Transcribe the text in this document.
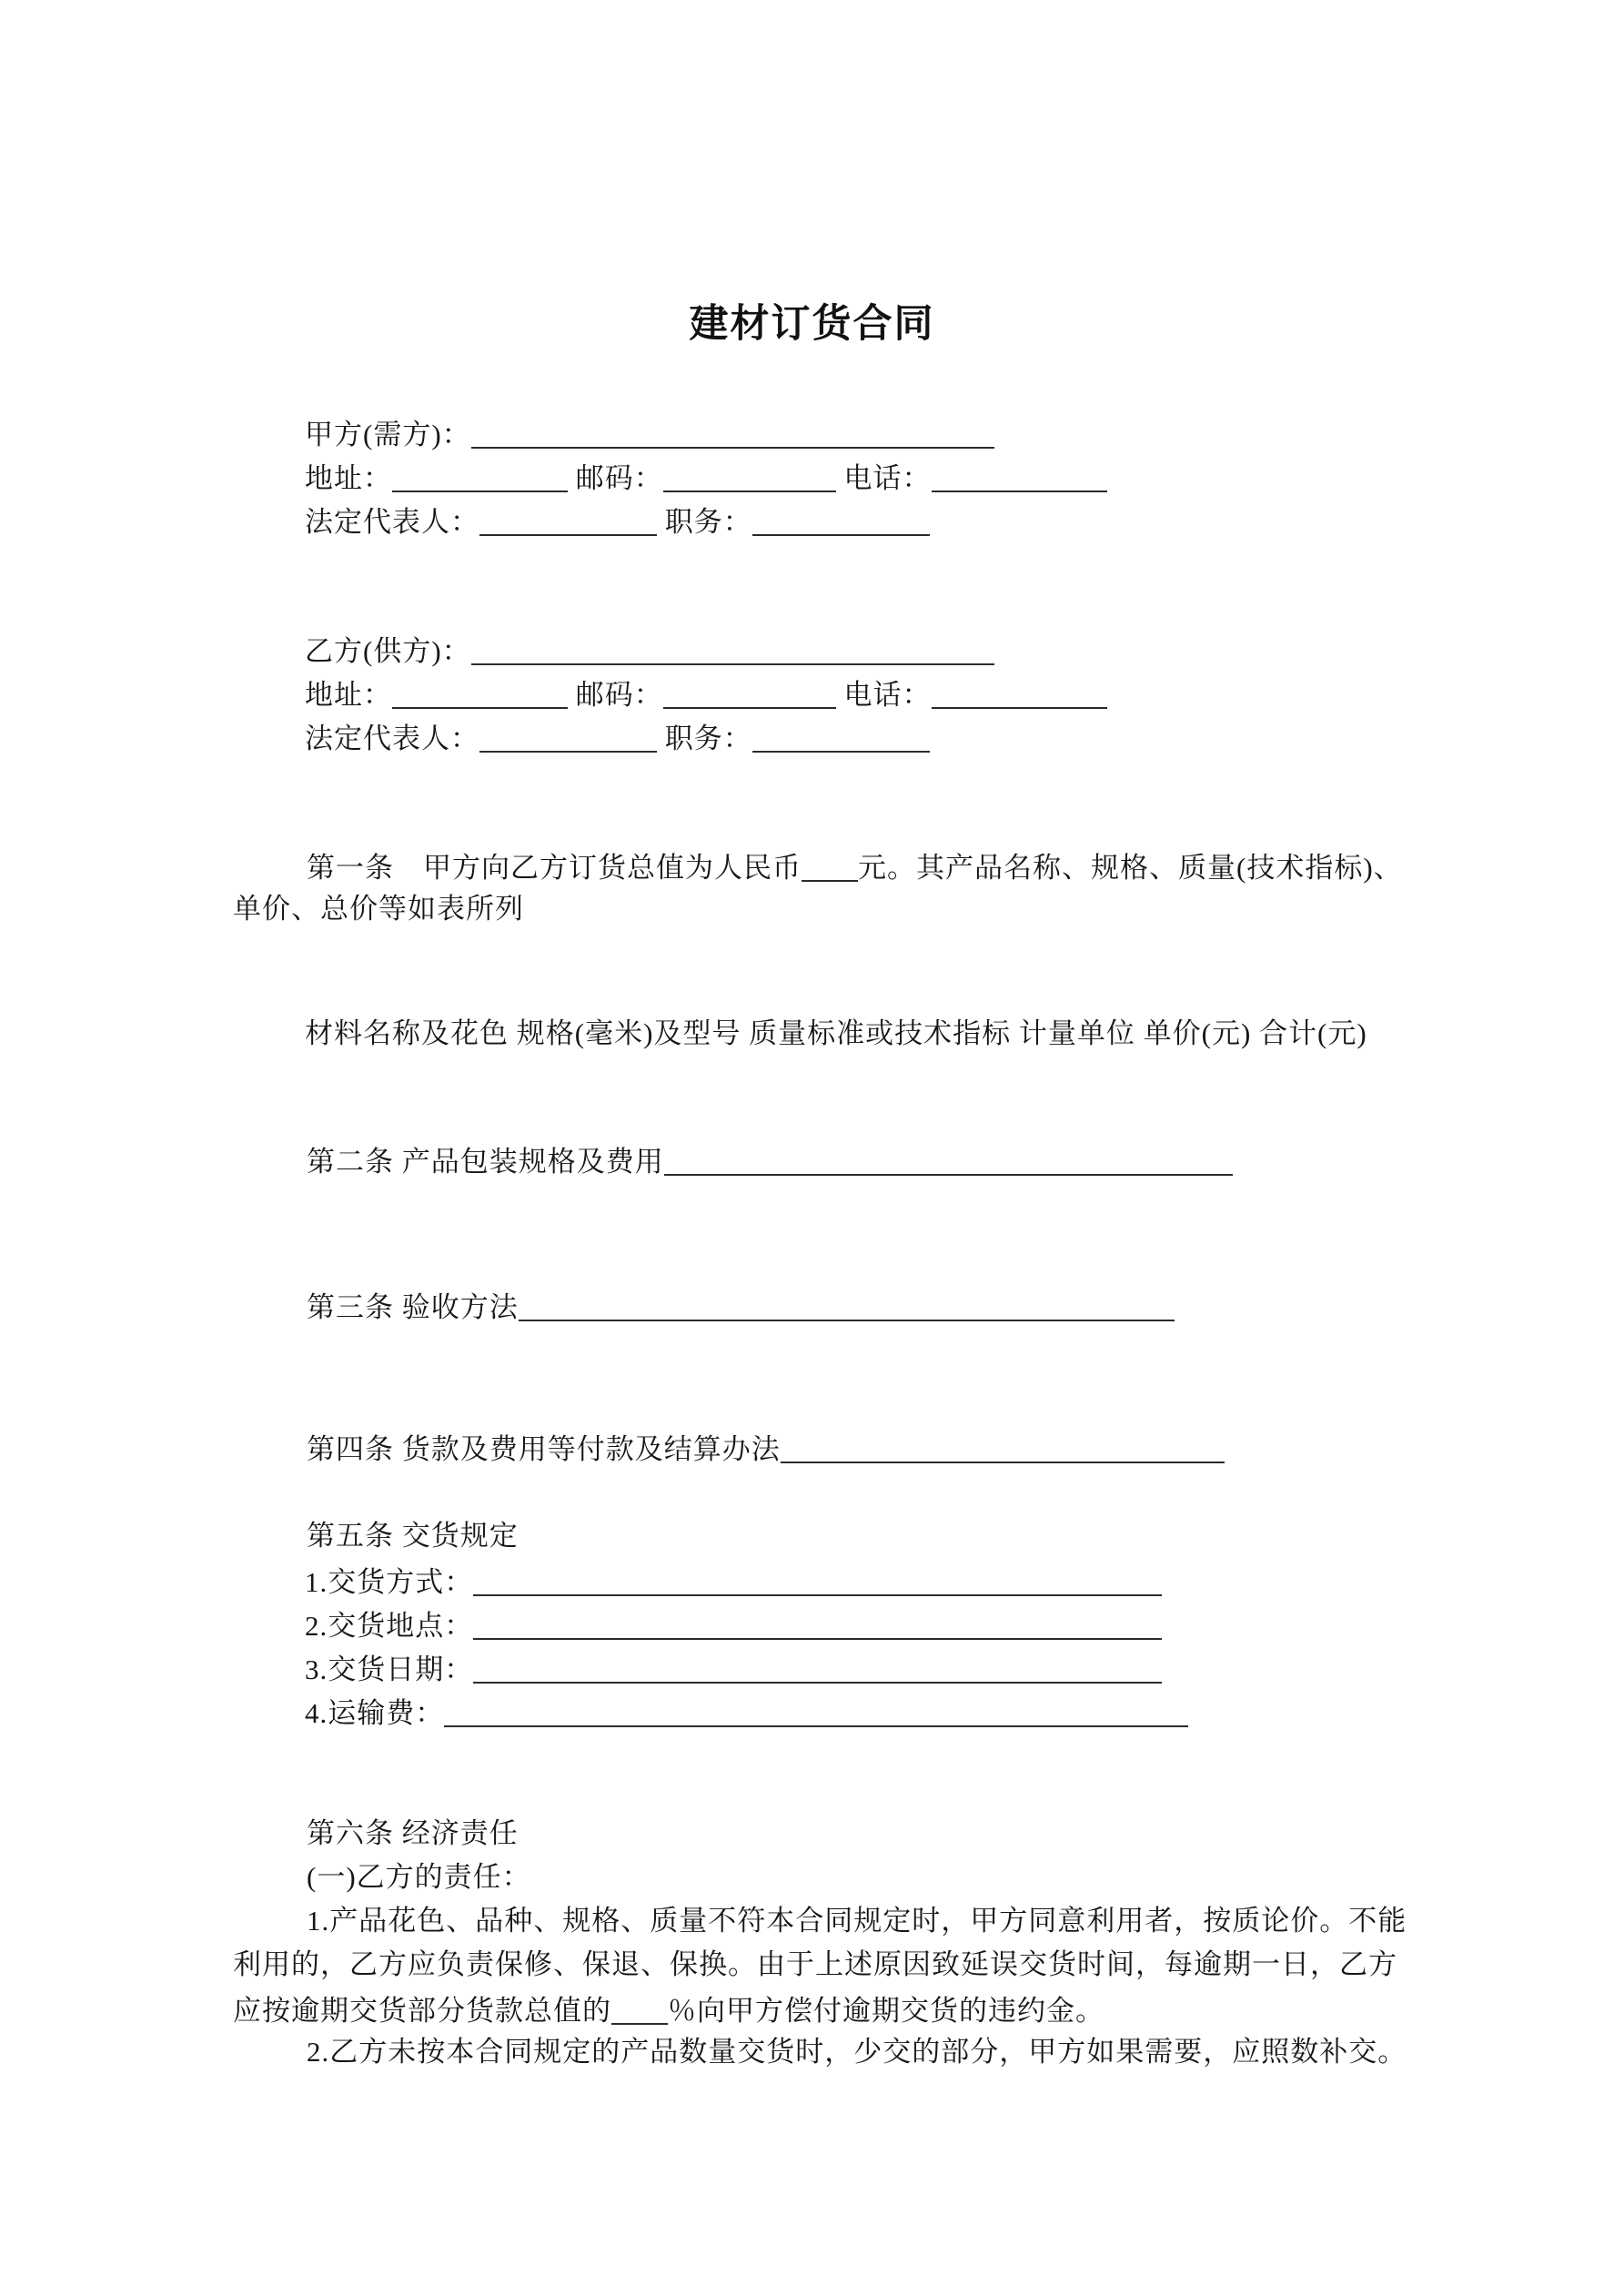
建材订货合同
甲方(需方)：
地址：	邮码：	电话：
法定代表人：	职务：
乙方(供方)：
地址：	邮码：	电话：
法定代表人：	职务：
第一条　甲方向乙方订货总值为人民币 元。其产品名称、规格、质量(技术指标)、
单价、总价等如表所列
材料名称及花色 规格(毫米)及型号 质量标准或技术指标 计量单位 单价(元) 合计(元)
第二条 产品包装规格及费用
第三条 验收方法
第四条 货款及费用等付款及结算办法
第五条 交货规定
1.交货方式：
2.交货地点：
3.交货日期：
4.运输费：
第六条 经济责任
(一)乙方的责任：
1.产品花色、品种、规格、质量不符本合同规定时，甲方同意利用者，按质论价。不能
利用的，乙方应负责保修、保退、保换。由于上述原因致延误交货时间，每逾期一日，乙方
应按逾期交货部分货款总值的 ％向甲方偿付逾期交货的违约金。
2.乙方未按本合同规定的产品数量交货时，少交的部分，甲方如果需要，应照数补交。
